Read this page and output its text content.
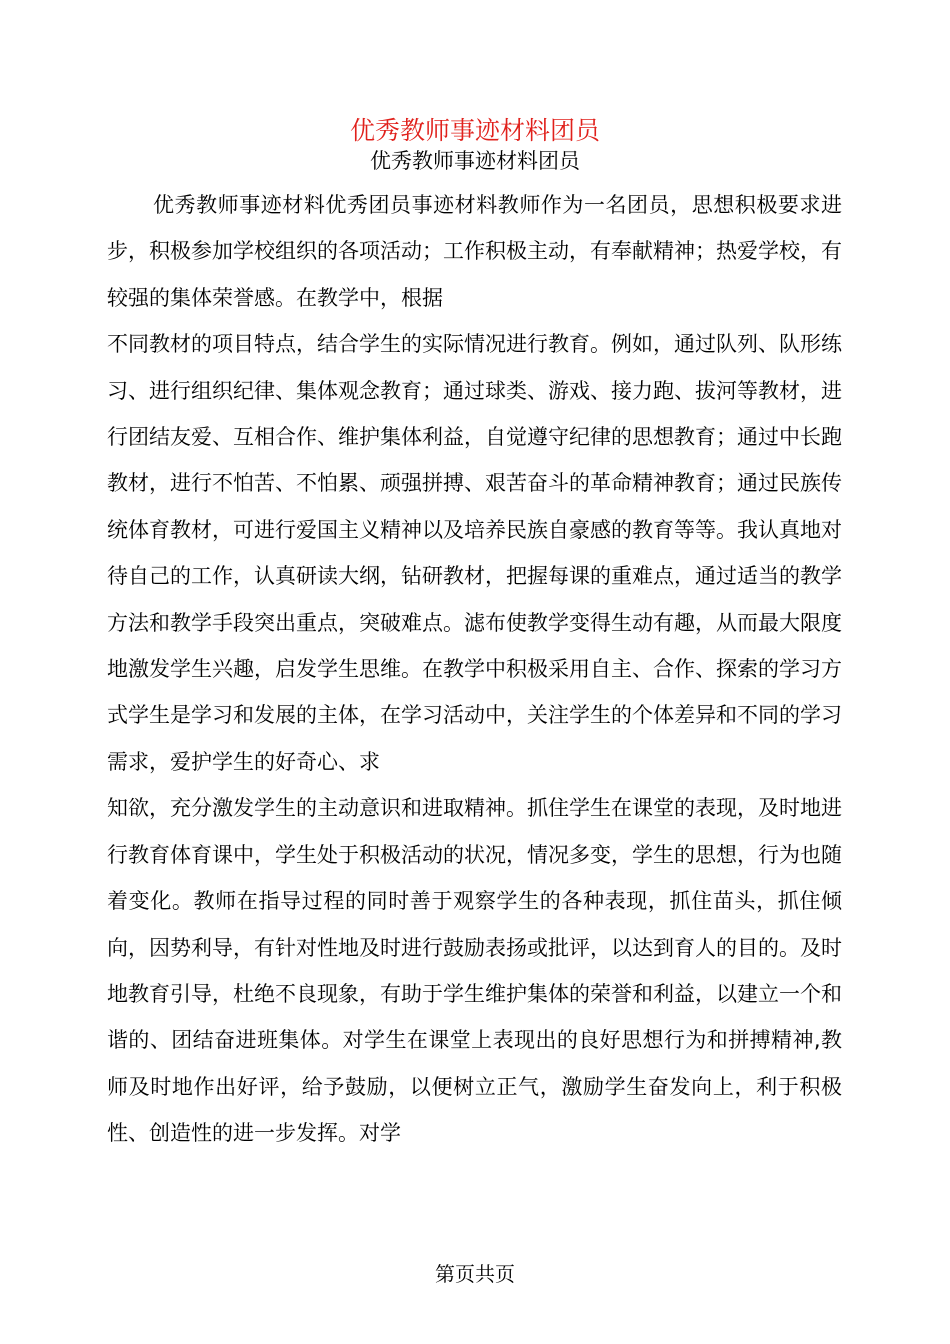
优秀教师事迹材料团员
优秀教师事迹材料团员

优秀教师事迹材料优秀团员事迹材料教师作为一名团员，思想积极要求进步，积极参加学校组织的各项活动；工作积极主动，有奉献精神；热爱学校，有较强的集体荣誉感。在教学中，根据

不同教材的项目特点，结合学生的实际情况进行教育。例如，通过队列、队形练习、进行组织纪律、集体观念教育；通过球类、游戏、接力跑、拔河等教材，进行团结友爱、互相合作、维护集体利益，自觉遵守纪律的思想教育；通过中长跑教材，进行不怕苦、不怕累、顽强拼搏、艰苦奋斗的革命精神教育；通过民族传统体育教材，可进行爱国主义精神以及培养民族自豪感的教育等等。我认真地对待自己的工作，认真研读大纲，钻研教材，把握每课的重难点，通过适当的教学方法和教学手段突出重点，突破难点。滤布使教学变得生动有趣，从而最大限度地激发学生兴趣，启发学生思维。在教学中积极采用自主、合作、探索的学习方式学生是学习和发展的主体，在学习活动中，关注学生的个体差异和不同的学习需求，爱护学生的好奇心、求

知欲，充分激发学生的主动意识和进取精神。抓住学生在课堂的表现，及时地进行教育体育课中，学生处于积极活动的状况，情况多变，学生的思想，行为也随着变化。教师在指导过程的同时善于观察学生的各种表现，抓住苗头，抓住倾向，因势利导，有针对性地及时进行鼓励表扬或批评，以达到育人的目的。及时地教育引导，杜绝不良现象，有助于学生维护集体的荣誉和利益，以建立一个和谐的、团结奋进班集体。对学生在课堂上表现出的良好思想行为和拼搏精神,教师及时地作出好评，给予鼓励，以便树立正气，激励学生奋发向上，利于积极性、创造性的进一步发挥。对学

第页共页
